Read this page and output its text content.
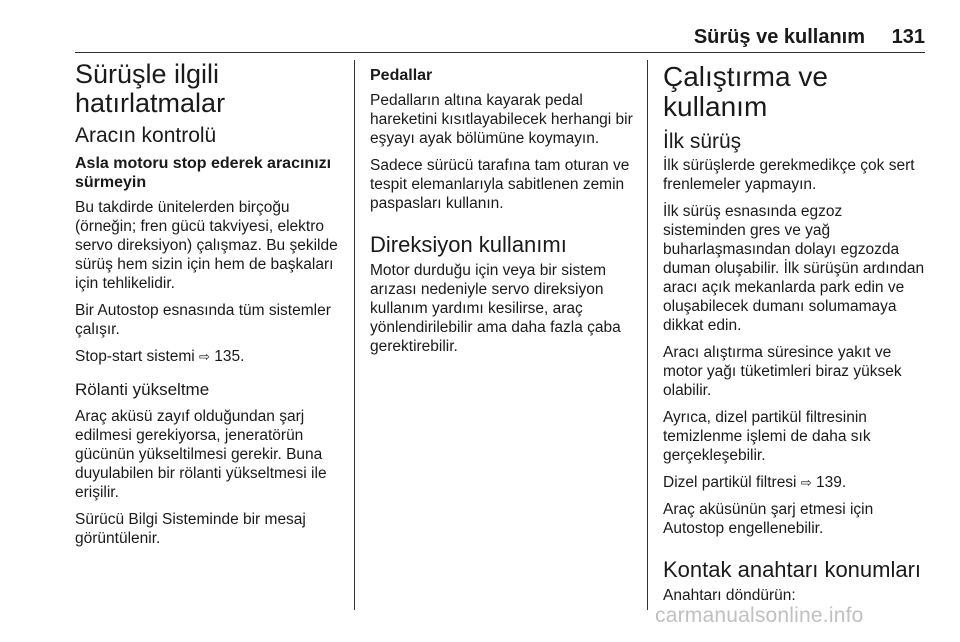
Sürüş ve kullanım 131
Sürüşle ilgili hatırlatmalar
Aracın kontrolü
Asla motoru stop ederek aracınızı sürmeyin

Bu takdirde ünitelerden birçoğu (örneğin; fren gücü takviyesi, elektro servo direksiyon) çalışmaz. Bu şekilde sürüş hem sizin için hem de başkaları için tehlikelidir.

Bir Autostop esnasında tüm sistemler çalışır.

Stop-start sistemi ⇨ 135.

Rölanti yükseltme

Araç aküsü zayıf olduğundan şarj edilmesi gerekiyorsa, jeneratörün gücünün yükseltilmesi gerekir. Buna duyulabilen bir rölanti yükseltmesi ile erişilir.

Sürücü Bilgi Sisteminde bir mesaj görüntülenir.

Pedallar

Pedalların altına kayarak pedal hareketini kısıtlayabilecek herhangi bir eşyayı ayak bölümüne koymayın.

Sadece sürücü tarafına tam oturan ve tespit elemanlarıyla sabitlenen zemin paspasları kullanın.

Direksiyon kullanımı

Motor durduğu için veya bir sistem arızası nedeniyle servo direksiyon kullanım yardımı kesilirse, araç yönlendirilebilir ama daha fazla çaba gerektirebilir.

Çalıştırma ve kullanım
İlk sürüş

İlk sürüşlerde gerekmedikçe çok sert frenlemeler yapmayın.

İlk sürüş esnasında egzoz sisteminden gres ve yağ buharlaşmasından dolayı egzozda duman oluşabilir. İlk sürüşün ardından aracı açık mekanlarda park edin ve oluşabilecek dumanı solumamaya dikkat edin.

Aracı alıştırma süresince yakıt ve motor yağı tüketimleri biraz yüksek olabilir.

Ayrıca, dizel partikül filtresinin temizlenme işlemi de daha sık gerçekleşebilir.

Dizel partikül filtresi ⇨ 139.

Araç aküsünün şarj etmesi için Autostop engellenebilir.

Kontak anahtarı konumları

Anahtarı döndürün:

carmanualsonline.info
